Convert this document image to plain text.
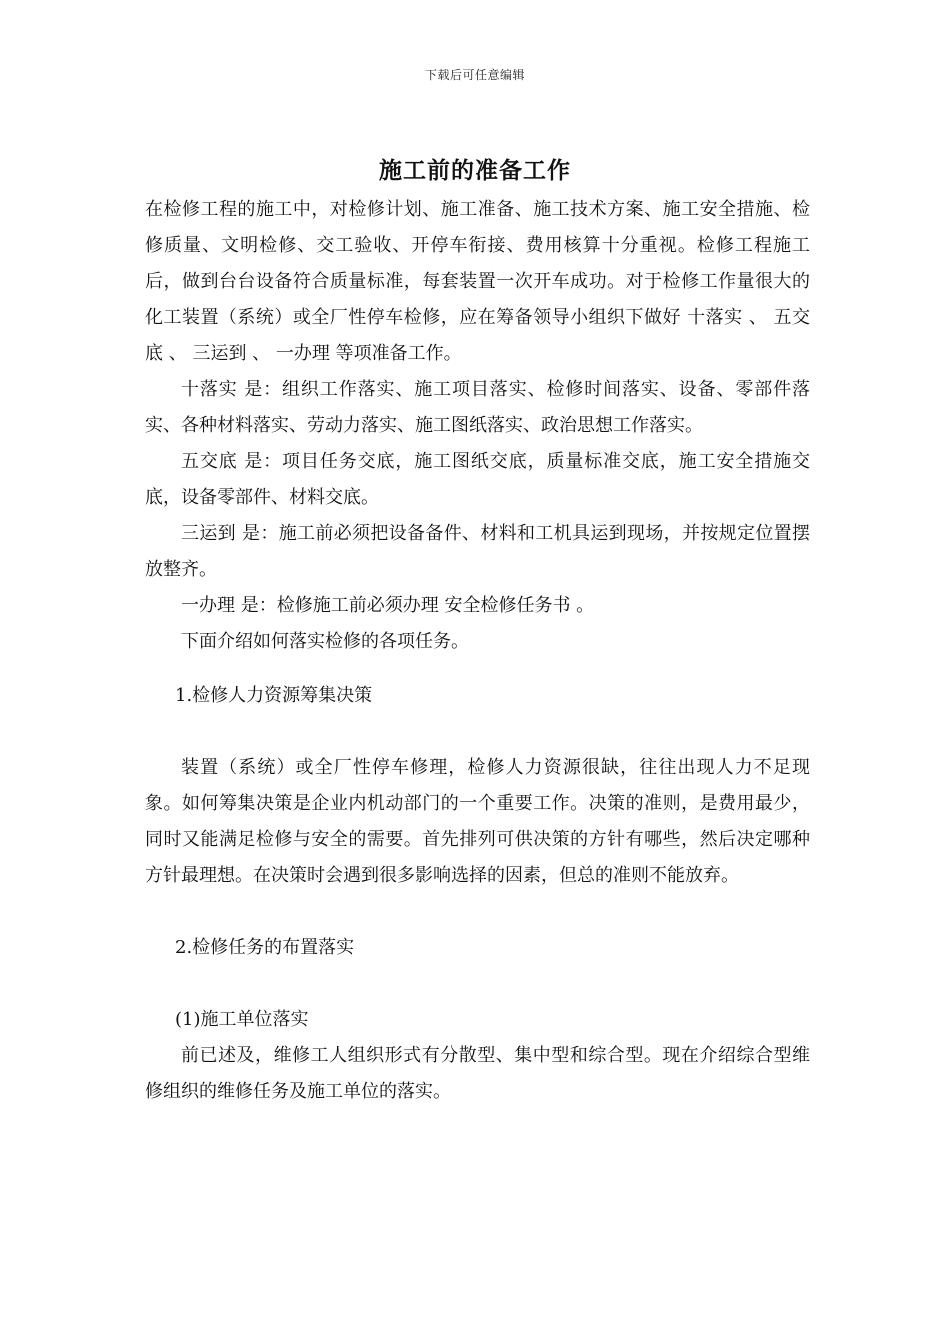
下载后可任意编辑
施工前的准备工作

在检修工程的施工中，对检修计划、施工准备、施工技术方案、施工安全措施、检修质量、文明检修、交工验收、开停车衔接、费用核算十分重视。检修工程施工后，做到台台设备符合质量标准，每套装置一次开车成功。对于检修工作量很大的化工装置（系统）或全厂性停车检修，应在筹备领导小组织下做好 十落实 、 五交底 、 三运到 、 一办理 等项准备工作。

十落实 是：组织工作落实、施工项目落实、检修时间落实、设备、零部件落实、各种材料落实、劳动力落实、施工图纸落实、政治思想工作落实。

五交底 是：项目任务交底，施工图纸交底，质量标准交底，施工安全措施交底，设备零部件、材料交底。

三运到 是：施工前必须把设备备件、材料和工机具运到现场，并按规定位置摆放整齐。

一办理 是：检修施工前必须办理 安全检修任务书 。

下面介绍如何落实检修的各项任务。

1.检修人力资源筹集决策

装置（系统）或全厂性停车修理，检修人力资源很缺，往往出现人力不足现象。如何筹集决策是企业内机动部门的一个重要工作。决策的准则，是费用最少，同时又能满足检修与安全的需要。首先排列可供决策的方针有哪些，然后决定哪种方针最理想。在决策时会遇到很多影响选择的因素，但总的准则不能放弃。

2.检修任务的布置落实

(1)施工单位落实

前已述及，维修工人组织形式有分散型、集中型和综合型。现在介绍综合型维修组织的维修任务及施工单位的落实。
